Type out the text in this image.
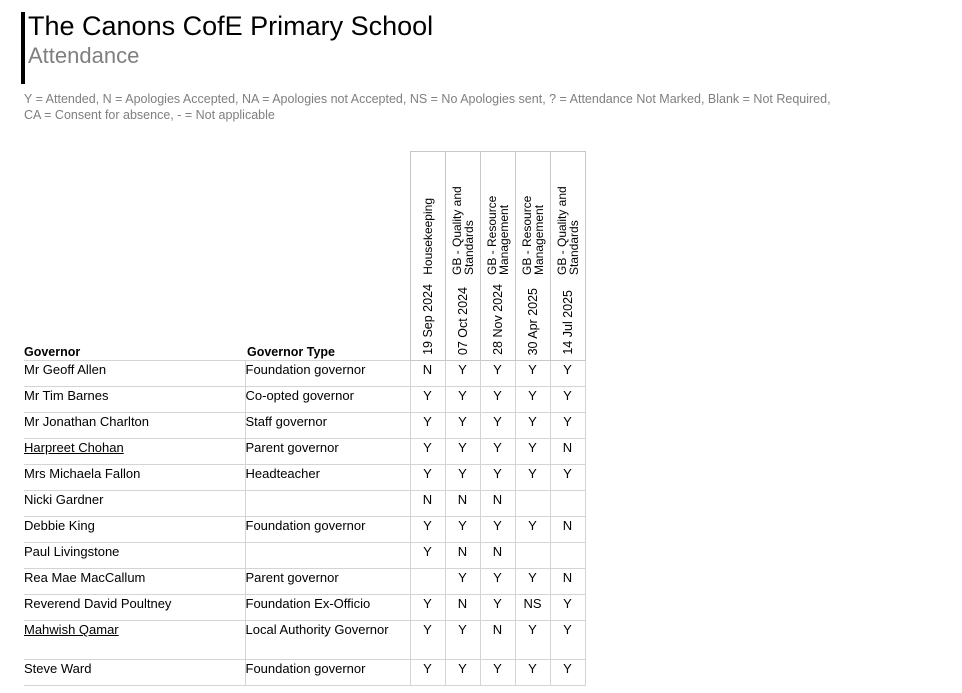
The Canons CofE Primary School
Attendance
Y = Attended, N = Apologies Accepted, NA = Apologies not Accepted, NS = No Apologies sent, ? = Attendance Not Marked, Blank = Not Required,
CA = Consent for absence, - = Not applicable
Governor	Governor Type	Housekeeping	GB - Quality and Standards	GB - Resource Management	GB - Resource Management	GB - Quality and Standards
		19 Sep 2024	07 Oct 2024	28 Nov 2024	30 Apr 2025	14 Jul 2025
Mr Geoff Allen	Foundation governor	N	Y	Y	Y	Y
Mr Tim Barnes	Co-opted governor	Y	Y	Y	Y	Y
Mr Jonathan Charlton	Staff governor	Y	Y	Y	Y	Y
Harpreet Chohan	Parent governor	Y	Y	Y	Y	N
Mrs Michaela Fallon	Headteacher	Y	Y	Y	Y	Y
Nicki Gardner		N	N	N		
Debbie King	Foundation governor	Y	Y	Y	Y	N
Paul Livingstone		Y	N	N		
Rea Mae MacCallum	Parent governor		Y	Y	Y	N
Reverend David Poultney	Foundation Ex-Officio	Y	N	Y	NS	Y
Mahwish Qamar	Local Authority Governor	Y	Y	N	Y	Y
Steve Ward	Foundation governor	Y	Y	Y	Y	Y
